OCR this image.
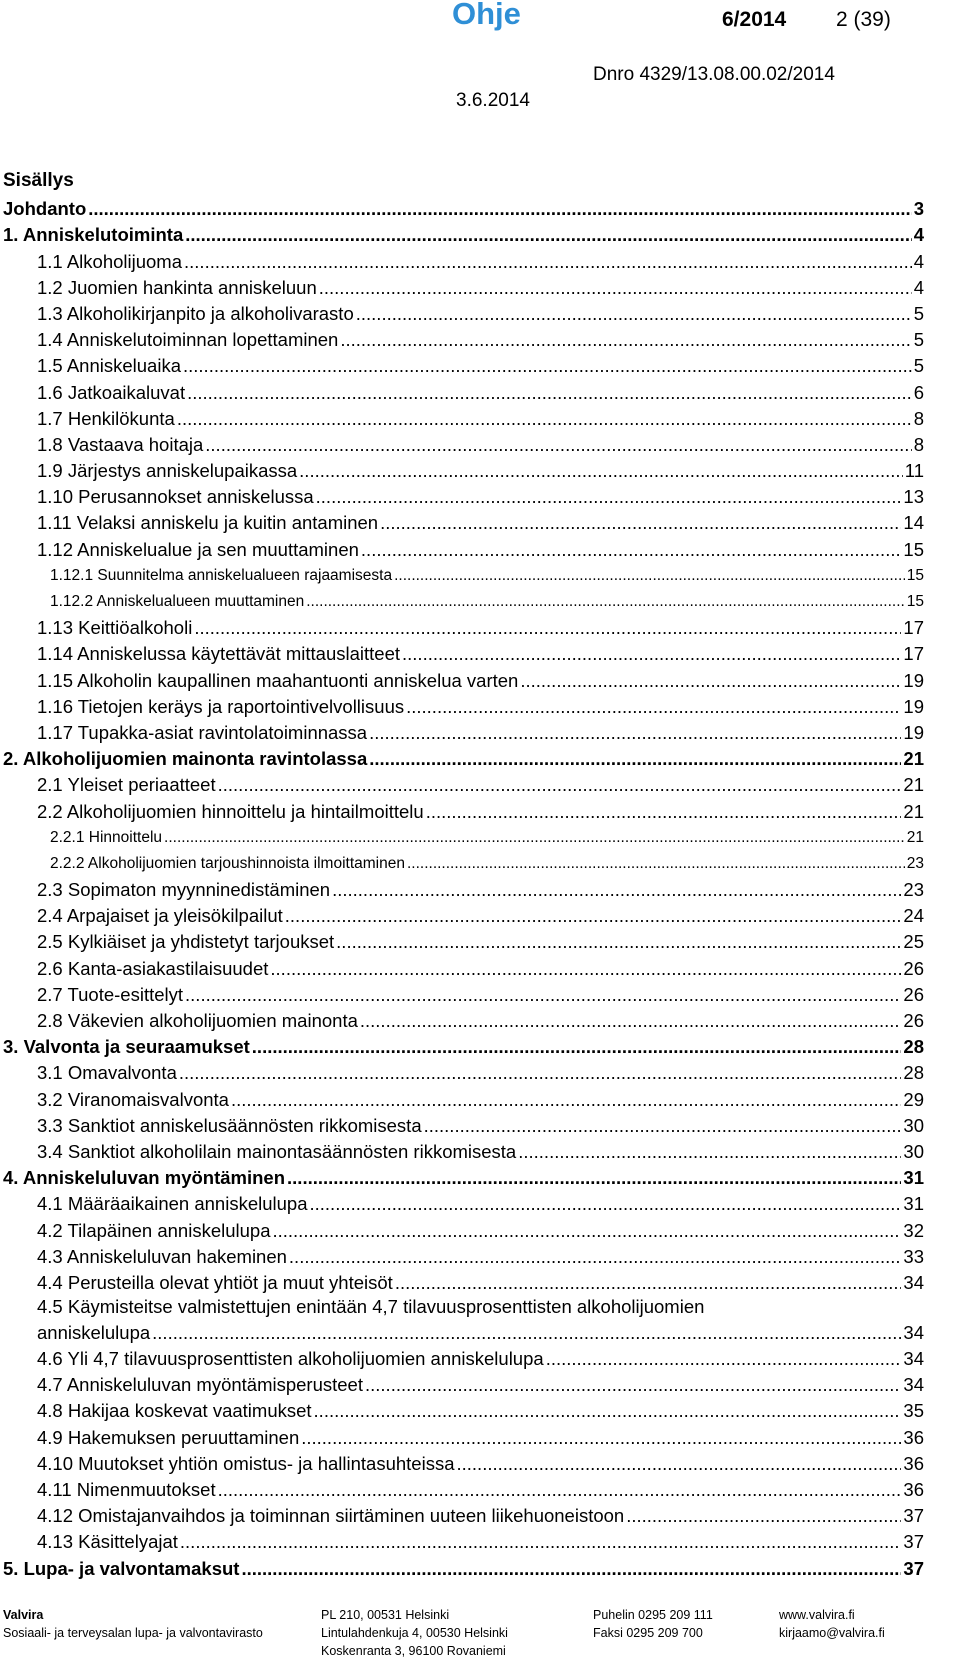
Ohje	6/2014 2 (39)
Dnro 4329/13.08.00.02/2014
3.6.2014
Sisällys
Johdanto .....	3
1. Anniskelutoiminta .....	4
1.1 Alkoholijuoma .....	4
1.2 Juomien hankinta anniskeluun .....	4
1.3 Alkoholikirjanpito ja alkoholivarasto .....	5
1.4 Anniskelutoiminnan lopettaminen .....	5
1.5 Anniskeluaika .....	5
1.6 Jatkoaikaluvat .....	6
1.7 Henkilökunta .....	8
1.8 Vastaava hoitaja .....	8
1.9 Järjestys anniskelupaikassa .....	11
1.10 Perusannokset anniskelussa .....	13
1.11 Velaksi anniskelu ja kuitin antaminen .....	14
1.12 Anniskelualue ja sen muuttaminen .....	15
1.12.1 Suunnitelma anniskelualueen rajaamisesta .....	15
1.12.2 Anniskelualueen muuttaminen .....	15
1.13 Keittiöalkoholi .....	17
1.14 Anniskelussa käytettävät mittauslaitteet .....	17
1.15 Alkoholin kaupallinen maahantuonti anniskelua varten .....	19
1.16 Tietojen keräys ja raportointivelvollisuus .....	19
1.17 Tupakka-asiat ravintolatoiminnassa .....	19
2. Alkoholijuomien mainonta ravintolassa .....	21
2.1 Yleiset periaatteet .....	21
2.2 Alkoholijuomien hinnoittelu ja hintailmoittelu .....	21
2.2.1 Hinnoittelu .....	21
2.2.2 Alkoholijuomien tarjoushinnoista ilmoittaminen .....	23
2.3 Sopimaton myynninedistäminen .....	23
2.4 Arpajaiset ja yleisökilpailut .....	24
2.5 Kylkiäiset ja yhdistetyt tarjoukset .....	25
2.6 Kanta-asiakastilaisuudet .....	26
2.7 Tuote-esittelyt .....	26
2.8 Väkevien alkoholijuomien mainonta .....	26
3. Valvonta ja seuraamukset .....	28
3.1 Omavalvonta .....	28
3.2 Viranomaisvalvonta .....	29
3.3 Sanktiot anniskelusäännösten rikkomisesta .....	30
3.4 Sanktiot alkoholilain mainontasäännösten rikkomisesta .....	30
4. Anniskeluluvan myöntäminen .....	31
4.1 Määräaikainen anniskelulupa .....	31
4.2 Tilapäinen anniskelulupa .....	32
4.3 Anniskeluluvan hakeminen .....	33
4.4 Perusteilla olevat yhtiöt ja muut yhteisöt .....	34
4.5 Käymisteitse valmistettujen enintään 4,7 tilavuusprosenttisten alkoholijuomien
anniskelulupa .....	34
4.6 Yli 4,7 tilavuusprosenttisten alkoholijuomien anniskelulupa .....	34
4.7 Anniskeluluvan myöntämisperusteet .....	34
4.8 Hakijaa koskevat vaatimukset .....	35
4.9 Hakemuksen peruuttaminen .....	36
4.10 Muutokset yhtiön omistus- ja hallintasuhteissa .....	36
4.11 Nimenmuutokset .....	36
4.12 Omistajanvaihdos ja toiminnan siirtäminen uuteen liikehuoneistoon .....	37
4.13 Käsittelyajat .....	37
5. Lupa- ja valvontamaksut .....	37
Valvira
Sosiaali- ja terveysalan lupa- ja valvontavirasto
PL 210, 00531 Helsinki
Lintulahdenkuja 4, 00530 Helsinki
Koskenranta 3, 96100 Rovaniemi
Puhelin 0295 209 111
Faksi 0295 209 700
www.valvira.fi
kirjaamo@valvira.fi
